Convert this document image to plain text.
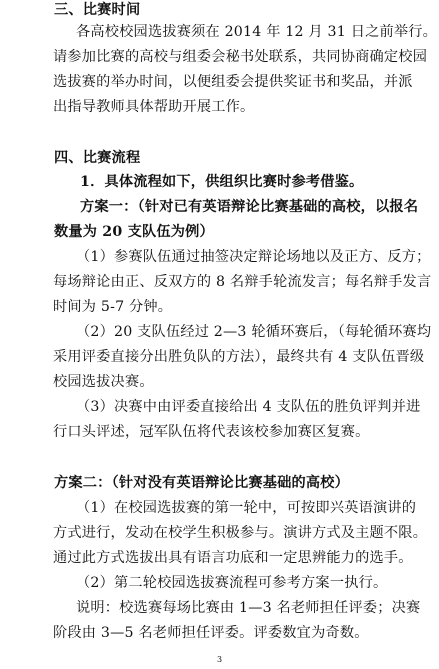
三、比赛时间
各高校校园选拔赛须在 2014 年 12 月 31 日之前举行。
请参加比赛的高校与组委会秘书处联系，共同协商确定校园
选拔赛的举办时间，以便组委会提供奖证书和奖品，并派
出指导教师具体帮助开展工作。
四、比赛流程
1．具体流程如下，供组织比赛时参考借鉴。
方案一：（针对已有英语辩论比赛基础的高校，以报名
数量为 20 支队伍为例）
（1）参赛队伍通过抽签决定辩论场地以及正方、反方；
每场辩论由正、反双方的 8 名辩手轮流发言；每名辩手发言
时间为 5-7 分钟。
（2）20 支队伍经过 2—3 轮循环赛后，（每轮循环赛均
采用评委直接分出胜负队的方法），最终共有 4 支队伍晋级
校园选拔决赛。
（3）决赛中由评委直接给出 4 支队伍的胜负评判并进
行口头评述，冠军队伍将代表该校参加赛区复赛。
方案二：（针对没有英语辩论比赛基础的高校）
（1）在校园选拔赛的第一轮中，可按即兴英语演讲的
方式进行，发动在校学生积极参与。演讲方式及主题不限。
通过此方式选拔出具有语言功底和一定思辨能力的选手。
（2）第二轮校园选拔赛流程可参考方案一执行。
说明：校选赛每场比赛由 1—3 名老师担任评委；决赛
阶段由 3—5 名老师担任评委。评委数宜为奇数。
3
